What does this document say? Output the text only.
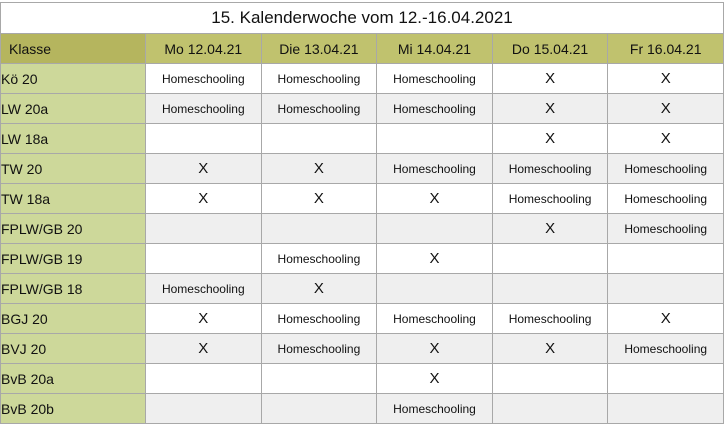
15. Kalenderwoche vom 12.-16.04.2021					
Klasse	Mo 12.04.21	Die 13.04.21	Mi 14.04.21	Do 15.04.21	Fr 16.04.21
Kö 20	Homeschooling	Homeschooling	Homeschooling	X	X
LW 20a	Homeschooling	Homeschooling	Homeschooling	X	X
LW 18a				X	X
TW 20	X	X	Homeschooling	Homeschooling	Homeschooling
TW 18a	X	X	X	Homeschooling	Homeschooling
FPLW/GB 20				X	Homeschooling
FPLW/GB 19		Homeschooling	X		
FPLW/GB 18	Homeschooling	X			
BGJ 20	X	Homeschooling	Homeschooling	Homeschooling	X
BVJ 20	X	Homeschooling	X	X	Homeschooling
BvB 20a			X		
BvB 20b			Homeschooling		
